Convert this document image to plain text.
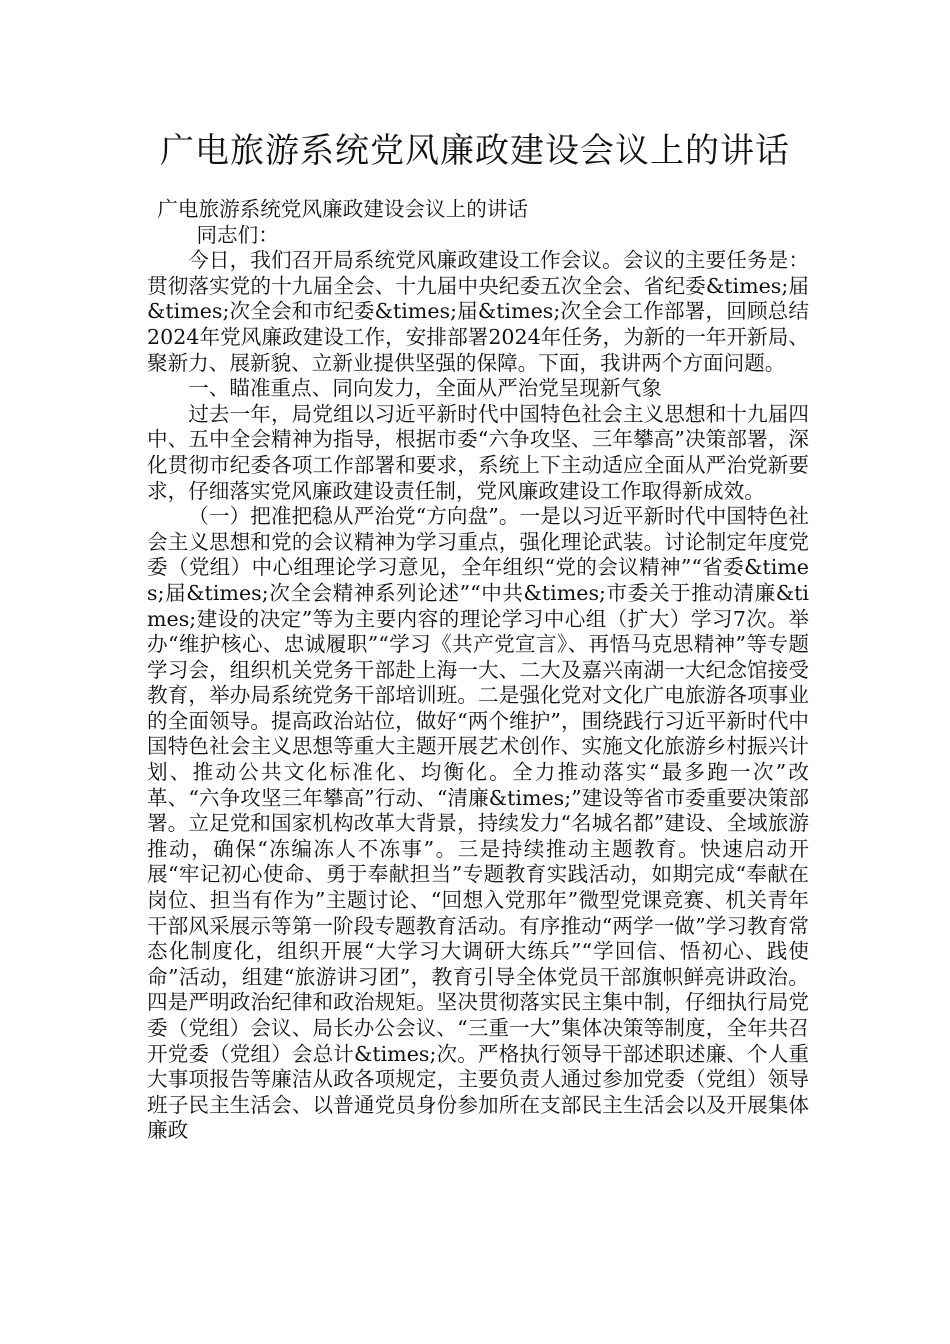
广电旅游系统党风廉政建设会议上的讲话

广电旅游系统党风廉政建设会议上的讲话

同志们：

今日，我们召开局系统党风廉政建设工作会议。会议的主要任务是：贯彻落实党的十九届全会、十九届中央纪委五次全会、省纪委&times;届&times;次全会和市纪委&times;届&times;次全会工作部署，回顾总结2024年党风廉政建设工作，安排部署2024年任务，为新的一年开新局、聚新力、展新貌、立新业提供坚强的保障。下面，我讲两个方面问题。

一、瞄准重点、同向发力，全面从严治党呈现新气象

过去一年，局党组以习近平新时代中国特色社会主义思想和十九届四中、五中全会精神为指导，根据市委“六争攻坚、三年攀高”决策部署，深化贯彻市纪委各项工作部署和要求，系统上下主动适应全面从严治党新要求，仔细落实党风廉政建设责任制，党风廉政建设工作取得新成效。

（一）把准把稳从严治党“方向盘”。一是以习近平新时代中国特色社会主义思想和党的会议精神为学习重点，强化理论武装。讨论制定年度党委（党组）中心组理论学习意见，全年组织“党的会议精神”“省委&times;届&times;次全会精神系列论述”“中共&times;市委关于推动清廉&times;建设的决定”等为主要内容的理论学习中心组（扩大）学习7次。举办“维护核心、忠诚履职”“学习《共产党宣言》、再悟马克思精神”等专题学习会，组织机关党务干部赴上海一大、二大及嘉兴南湖一大纪念馆接受教育，举办局系统党务干部培训班。二是强化党对文化广电旅游各项事业的全面领导。提高政治站位，做好“两个维护”，围绕践行习近平新时代中国特色社会主义思想等重大主题开展艺术创作、实施文化旅游乡村振兴计划、推动公共文化标准化、均衡化。全力推动落实“最多跑一次”改革、“六争攻坚三年攀高”行动、“清廉&times;”建设等省市委重要决策部署。立足党和国家机构改革大背景，持续发力“名城名都”建设、全域旅游推动，确保“冻编冻人不冻事”。三是持续推动主题教育。快速启动开展“牢记初心使命、勇于奉献担当”专题教育实践活动，如期完成“奉献在岗位、担当有作为”主题讨论、“回想入党那年”微型党课竞赛、机关青年干部风采展示等第一阶段专题教育活动。有序推动“两学一做”学习教育常态化制度化，组织开展“大学习大调研大练兵”“学回信、悟初心、践使命”活动，组建“旅游讲习团”，教育引导全体党员干部旗帜鲜亮讲政治。四是严明政治纪律和政治规矩。坚决贯彻落实民主集中制，仔细执行局党委（党组）会议、局长办公会议、“三重一大”集体决策等制度，全年共召开党委（党组）会总计&times;次。严格执行领导干部述职述廉、个人重大事项报告等廉洁从政各项规定，主要负责人通过参加党委（党组）领导班子民主生活会、以普通党员身份参加所在支部民主生活会以及开展集体廉政
